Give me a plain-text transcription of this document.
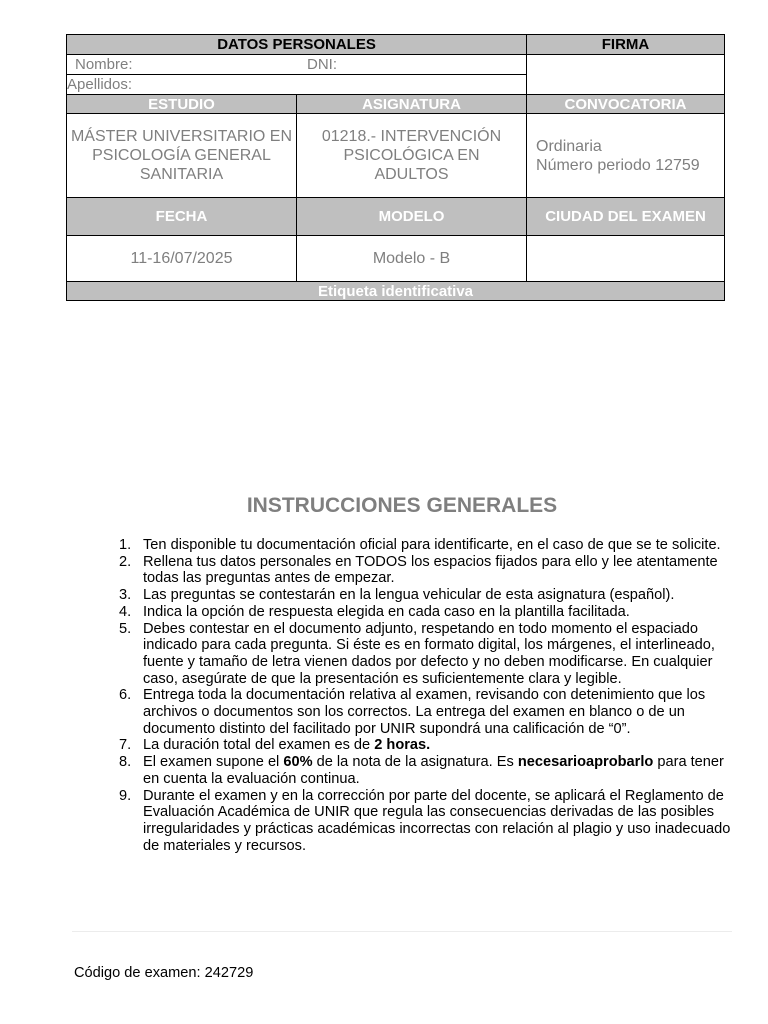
DATOS PERSONALES		FIRMA

Nombre: DNI:		

Apellidos:		
ESTUDIO	ASIGNATURA	CONVOCATORIA
MÁSTER UNIVERSITARIO EN PSICOLOGÍA GENERAL SANITARIA	01218.- INTERVENCIÓN PSICOLÓGICA EN ADULTOS	Ordinaria
Número periodo 12759

FECHA	MODELO	CIUDAD DEL EXAMEN
11-16/07/2025	Modelo - B	
Etiqueta identificativa		
INSTRUCCIONES GENERALES
1. Ten disponible tu documentación oficial para identificarte, en el caso de que se te solicite.
2. Rellena tus datos personales en TODOS los espacios fijados para ello y lee atentamente todas las preguntas antes de empezar.
3. Las preguntas se contestarán en la lengua vehicular de esta asignatura (español).
4. Indica la opción de respuesta elegida en cada caso en la plantilla facilitada.
5. Debes contestar en el documento adjunto, respetando en todo momento el espaciado indicado para cada pregunta. Si éste es en formato digital, los márgenes, el interlineado, fuente y tamaño de letra vienen dados por defecto y no deben modificarse. En cualquier caso, asegúrate de que la presentación es suficientemente clara y legible.
6. Entrega toda la documentación relativa al examen, revisando con detenimiento que los archivos o documentos son los correctos. La entrega del examen en blanco o de un documento distinto del facilitado por UNIR supondrá una calificación de “0”.
7. La duración total del examen es de 2 horas.
8. El examen supone el 60% de la nota de la asignatura. Es necesarioaprobarlo para tener en cuenta la evaluación continua.
9. Durante el examen y en la corrección por parte del docente, se aplicará el Reglamento de Evaluación Académica de UNIR que regula las consecuencias derivadas de las posibles irregularidades y prácticas académicas incorrectas con relación al plagio y uso inadecuado de materiales y recursos.
Código de examen: 242729
